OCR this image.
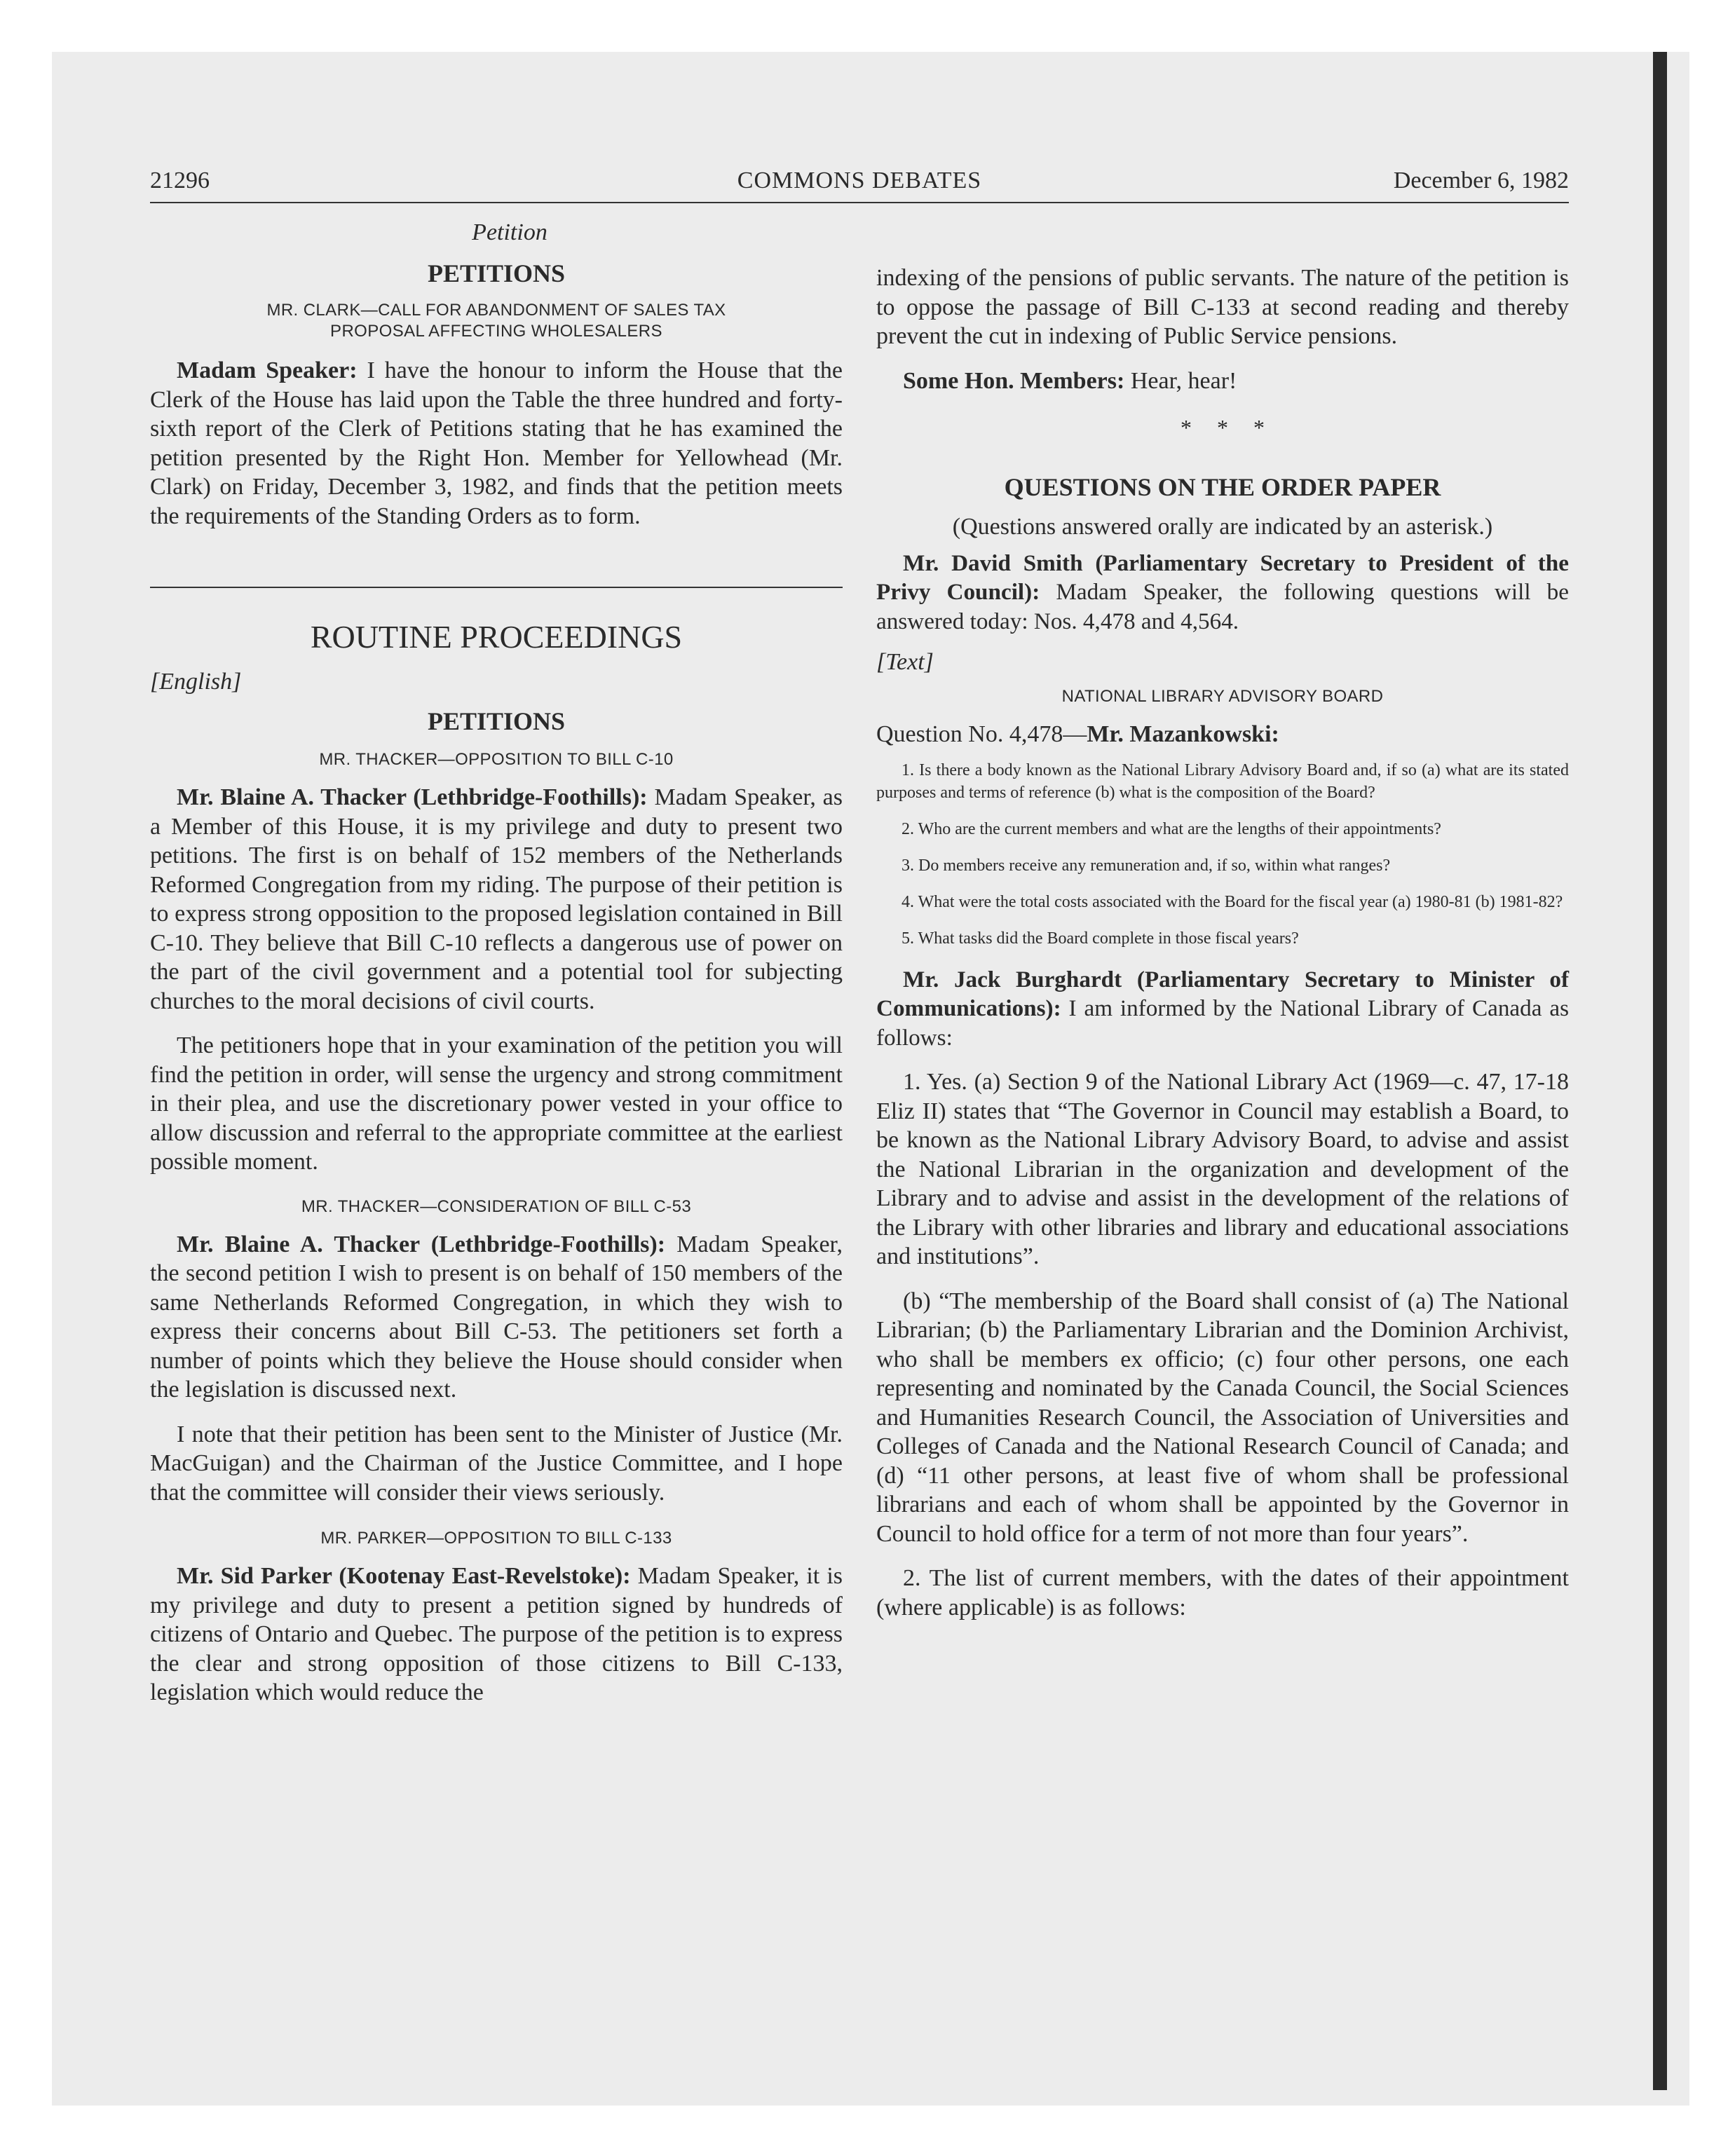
21296	COMMONS DEBATES	December 6, 1982

Petition

PETITIONS

MR. CLARK—CALL FOR ABANDONMENT OF SALES TAX

PROPOSAL AFFECTING WHOLESALERS

Madam Speaker: I have the honour to inform the House that the Clerk of the House has laid upon the Table the three hundred and forty-sixth report of the Clerk of Petitions stating that he has examined the petition presented by the Right Hon. Member for Yellowhead (Mr. Clark) on Friday, December 3, 1982, and finds that the petition meets the requirements of the Standing Orders as to form.

ROUTINE PROCEEDINGS

[English]

PETITIONS

MR. THACKER—OPPOSITION TO BILL C-10

Mr. Blaine A. Thacker (Lethbridge-Foothills): Madam Speaker, as a Member of this House, it is my privilege and duty to present two petitions. The first is on behalf of 152 members of the Netherlands Reformed Congregation from my riding. The purpose of their petition is to express strong opposition to the proposed legislation contained in Bill C-10. They believe that Bill C-10 reflects a dangerous use of power on the part of the civil government and a potential tool for subjecting churches to the moral decisions of civil courts.

The petitioners hope that in your examination of the petition you will find the petition in order, will sense the urgency and strong commitment in their plea, and use the discretionary power vested in your office to allow discussion and referral to the appropriate committee at the earliest possible moment.

MR. THACKER—CONSIDERATION OF BILL C-53

Mr. Blaine A. Thacker (Lethbridge-Foothills): Madam Speaker, the second petition I wish to present is on behalf of 150 members of the same Netherlands Reformed Congregation, in which they wish to express their concerns about Bill C-53. The petitioners set forth a number of points which they believe the House should consider when the legislation is discussed next.

I note that their petition has been sent to the Minister of Justice (Mr. MacGuigan) and the Chairman of the Justice Committee, and I hope that the committee will consider their views seriously.

MR. PARKER—OPPOSITION TO BILL C-133

Mr. Sid Parker (Kootenay East-Revelstoke): Madam Speaker, it is my privilege and duty to present a petition signed by hundreds of citizens of Ontario and Quebec. The purpose of the petition is to express the clear and strong opposition of those citizens to Bill C-133, legislation which would reduce the

indexing of the pensions of public servants. The nature of the petition is to oppose the passage of Bill C-133 at second reading and thereby prevent the cut in indexing of Public Service pensions.

Some Hon. Members: Hear, hear!

* * *

QUESTIONS ON THE ORDER PAPER

(Questions answered orally are indicated by an asterisk.)

Mr. David Smith (Parliamentary Secretary to President of the Privy Council): Madam Speaker, the following questions will be answered today: Nos. 4,478 and 4,564.

[Text]

NATIONAL LIBRARY ADVISORY BOARD

Question No. 4,478—Mr. Mazankowski:

1. Is there a body known as the National Library Advisory Board and, if so (a) what are its stated purposes and terms of reference (b) what is the composition of the Board?

2. Who are the current members and what are the lengths of their appointments?

3. Do members receive any remuneration and, if so, within what ranges?

4. What were the total costs associated with the Board for the fiscal year (a) 1980-81 (b) 1981-82?

5. What tasks did the Board complete in those fiscal years?

Mr. Jack Burghardt (Parliamentary Secretary to Minister of Communications): I am informed by the National Library of Canada as follows:

1. Yes. (a) Section 9 of the National Library Act (1969—c. 47, 17-18 Eliz II) states that “The Governor in Council may establish a Board, to be known as the National Library Advisory Board, to advise and assist the National Librarian in the organization and development of the Library and to advise and assist in the development of the relations of the Library with other libraries and library and educational associations and institutions”.

(b) “The membership of the Board shall consist of (a) The National Librarian; (b) the Parliamentary Librarian and the Dominion Archivist, who shall be members ex officio; (c) four other persons, one each representing and nominated by the Canada Council, the Social Sciences and Humanities Research Council, the Association of Universities and Colleges of Canada and the National Research Council of Canada; and (d) “11 other persons, at least five of whom shall be professional librarians and each of whom shall be appointed by the Governor in Council to hold office for a term of not more than four years”.

2. The list of current members, with the dates of their appointment (where applicable) is as follows:
